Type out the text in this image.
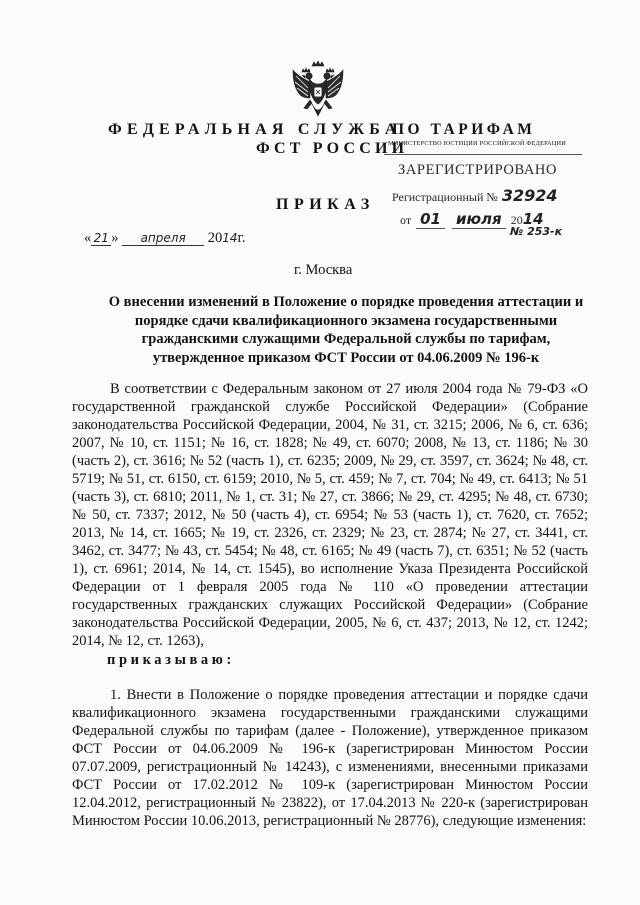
ФЕДЕРАЛЬНАЯ СЛУЖБА
ФСТ РОССИИ
ПО ТАРИФАМ
МИНИСТЕРСТВО ЮСТИЦИИ РОССИЙСКОЙ ФЕДЕРАЦИИ
ЗАРЕГИСТРИРОВАНО
Регистрационный № 32924
от 01 июля 2014
№ 253-к
ПРИКАЗ
« 21 » апреля 2014г.
г. Москва
О внесении изменений в Положение о порядке проведения аттестации и порядке сдачи квалификационного экзамена государственными гражданскими служащими Федеральной службы по тарифам, утвержденное приказом ФСТ России от 04.06.2009 № 196-к
В соответствии с Федеральным законом от 27 июля 2004 года № 79-ФЗ «О государственной гражданской службе Российской Федерации» (Собрание законодательства Российской Федерации, 2004, № 31, ст. 3215; 2006, № 6, ст. 636; 2007, № 10, ст. 1151; № 16, ст. 1828; № 49, ст. 6070; 2008, № 13, ст. 1186; № 30 (часть 2), ст. 3616; № 52 (часть 1), ст. 6235; 2009, № 29, ст. 3597, ст. 3624; № 48, ст. 5719; № 51, ст. 6150, ст. 6159; 2010, № 5, ст. 459; № 7, ст. 704; № 49, ст. 6413; № 51 (часть 3), ст. 6810; 2011, № 1, ст. 31; № 27, ст. 3866; № 29, ст. 4295; № 48, ст. 6730; № 50, ст. 7337; 2012, № 50 (часть 4), ст. 6954; № 53 (часть 1), ст. 7620, ст. 7652; 2013, № 14, ст. 1665; № 19, ст. 2326, ст. 2329; № 23, ст. 2874; № 27, ст. 3441, ст. 3462, ст. 3477; № 43, ст. 5454; № 48, ст. 6165; № 49 (часть 7), ст. 6351; № 52 (часть 1), ст. 6961; 2014, № 14, ст. 1545), во исполнение Указа Президента Российской Федерации от 1 февраля 2005 года № 110 «О проведении аттестации государственных гражданских служащих Российской Федерации» (Собрание законодательства Российской Федерации, 2005, № 6, ст. 437; 2013, № 12, ст. 1242; 2014, № 12, ст. 1263),
приказываю:
1. Внести в Положение о порядке проведения аттестации и порядке сдачи квалификационного экзамена государственными гражданскими служащими Федеральной службы по тарифам (далее - Положение), утвержденное приказом ФСТ России от 04.06.2009 № 196-к (зарегистрирован Минюстом России 07.07.2009, регистрационный № 14243), с изменениями, внесенными приказами ФСТ России от 17.02.2012 № 109-к (зарегистрирован Минюстом России 12.04.2012, регистрационный № 23822), от 17.04.2013 № 220-к (зарегистрирован Минюстом России 10.06.2013, регистрационный № 28776), следующие изменения:
